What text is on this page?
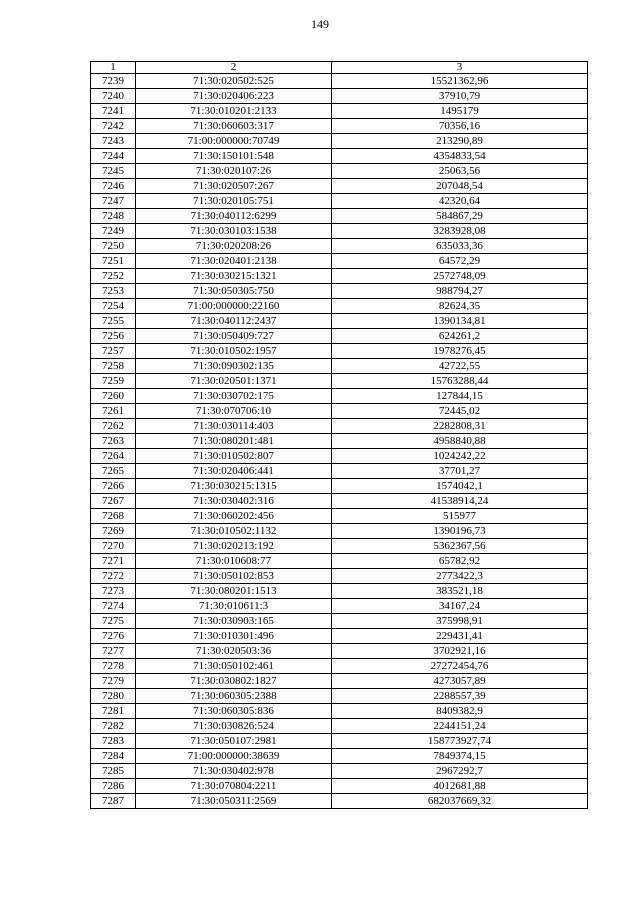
149
1	2	3
7239	71:30:020502:525	15521362,96
7240	71:30:020406:223	37910,79
7241	71:30:010201:2133	1495179
7242	71:30:060603:317	70356,16
7243	71:00:000000:70749	213290,89
7244	71:30:150101:548	4354833,54
7245	71:30:020107:26	25063,56
7246	71:30:020507:267	207048,54
7247	71:30:020105:751	42320,64
7248	71:30:040112:6299	584867,29
7249	71:30:030103:1538	3283928,08
7250	71:30:020208:26	635033,36
7251	71:30:020401:2138	64572,29
7252	71:30:030215:1321	2572748,09
7253	71:30:050305:750	988794,27
7254	71:00:000000:22160	82624,35
7255	71:30:040112:2437	1390134,81
7256	71:30:050409:727	624261,2
7257	71:30:010502:1957	1978276,45
7258	71:30:090302:135	42722,55
7259	71:30:020501:1371	15763288,44
7260	71:30:030702:175	127844,15
7261	71:30:070706:10	72445,02
7262	71:30:030114:403	2282808,31
7263	71:30:080201:481	4958840,88
7264	71:30:010502:807	1024242,22
7265	71:30:020406:441	37701,27
7266	71:30:030215:1315	1574042,1
7267	71:30:030402:316	41538914,24
7268	71:30:060202:456	515977
7269	71:30:010502:1132	1390196,73
7270	71:30:020213:192	5362367,56
7271	71:30:010608:77	65782,92
7272	71:30:050102:853	2773422,3
7273	71:30:080201:1513	383521,18
7274	71:30:010611:3	34167,24
7275	71:30:030903:165	375998,91
7276	71:30:010301:496	229431,41
7277	71:30:020503:36	3702921,16
7278	71:30:050102:461	27272454,76
7279	71:30:030802:1827	4273057,89
7280	71:30:060305:2388	2288557,39
7281	71:30:060305:836	8409382,9
7282	71:30:030826:524	2244151,24
7283	71:30:050107:2981	158773927,74
7284	71:00:000000:38639	7849374,15
7285	71:30:030402:978	2967292,7
7286	71:30:070804:2211	4012681,88
7287	71:30:050311:2569	682037669,32
